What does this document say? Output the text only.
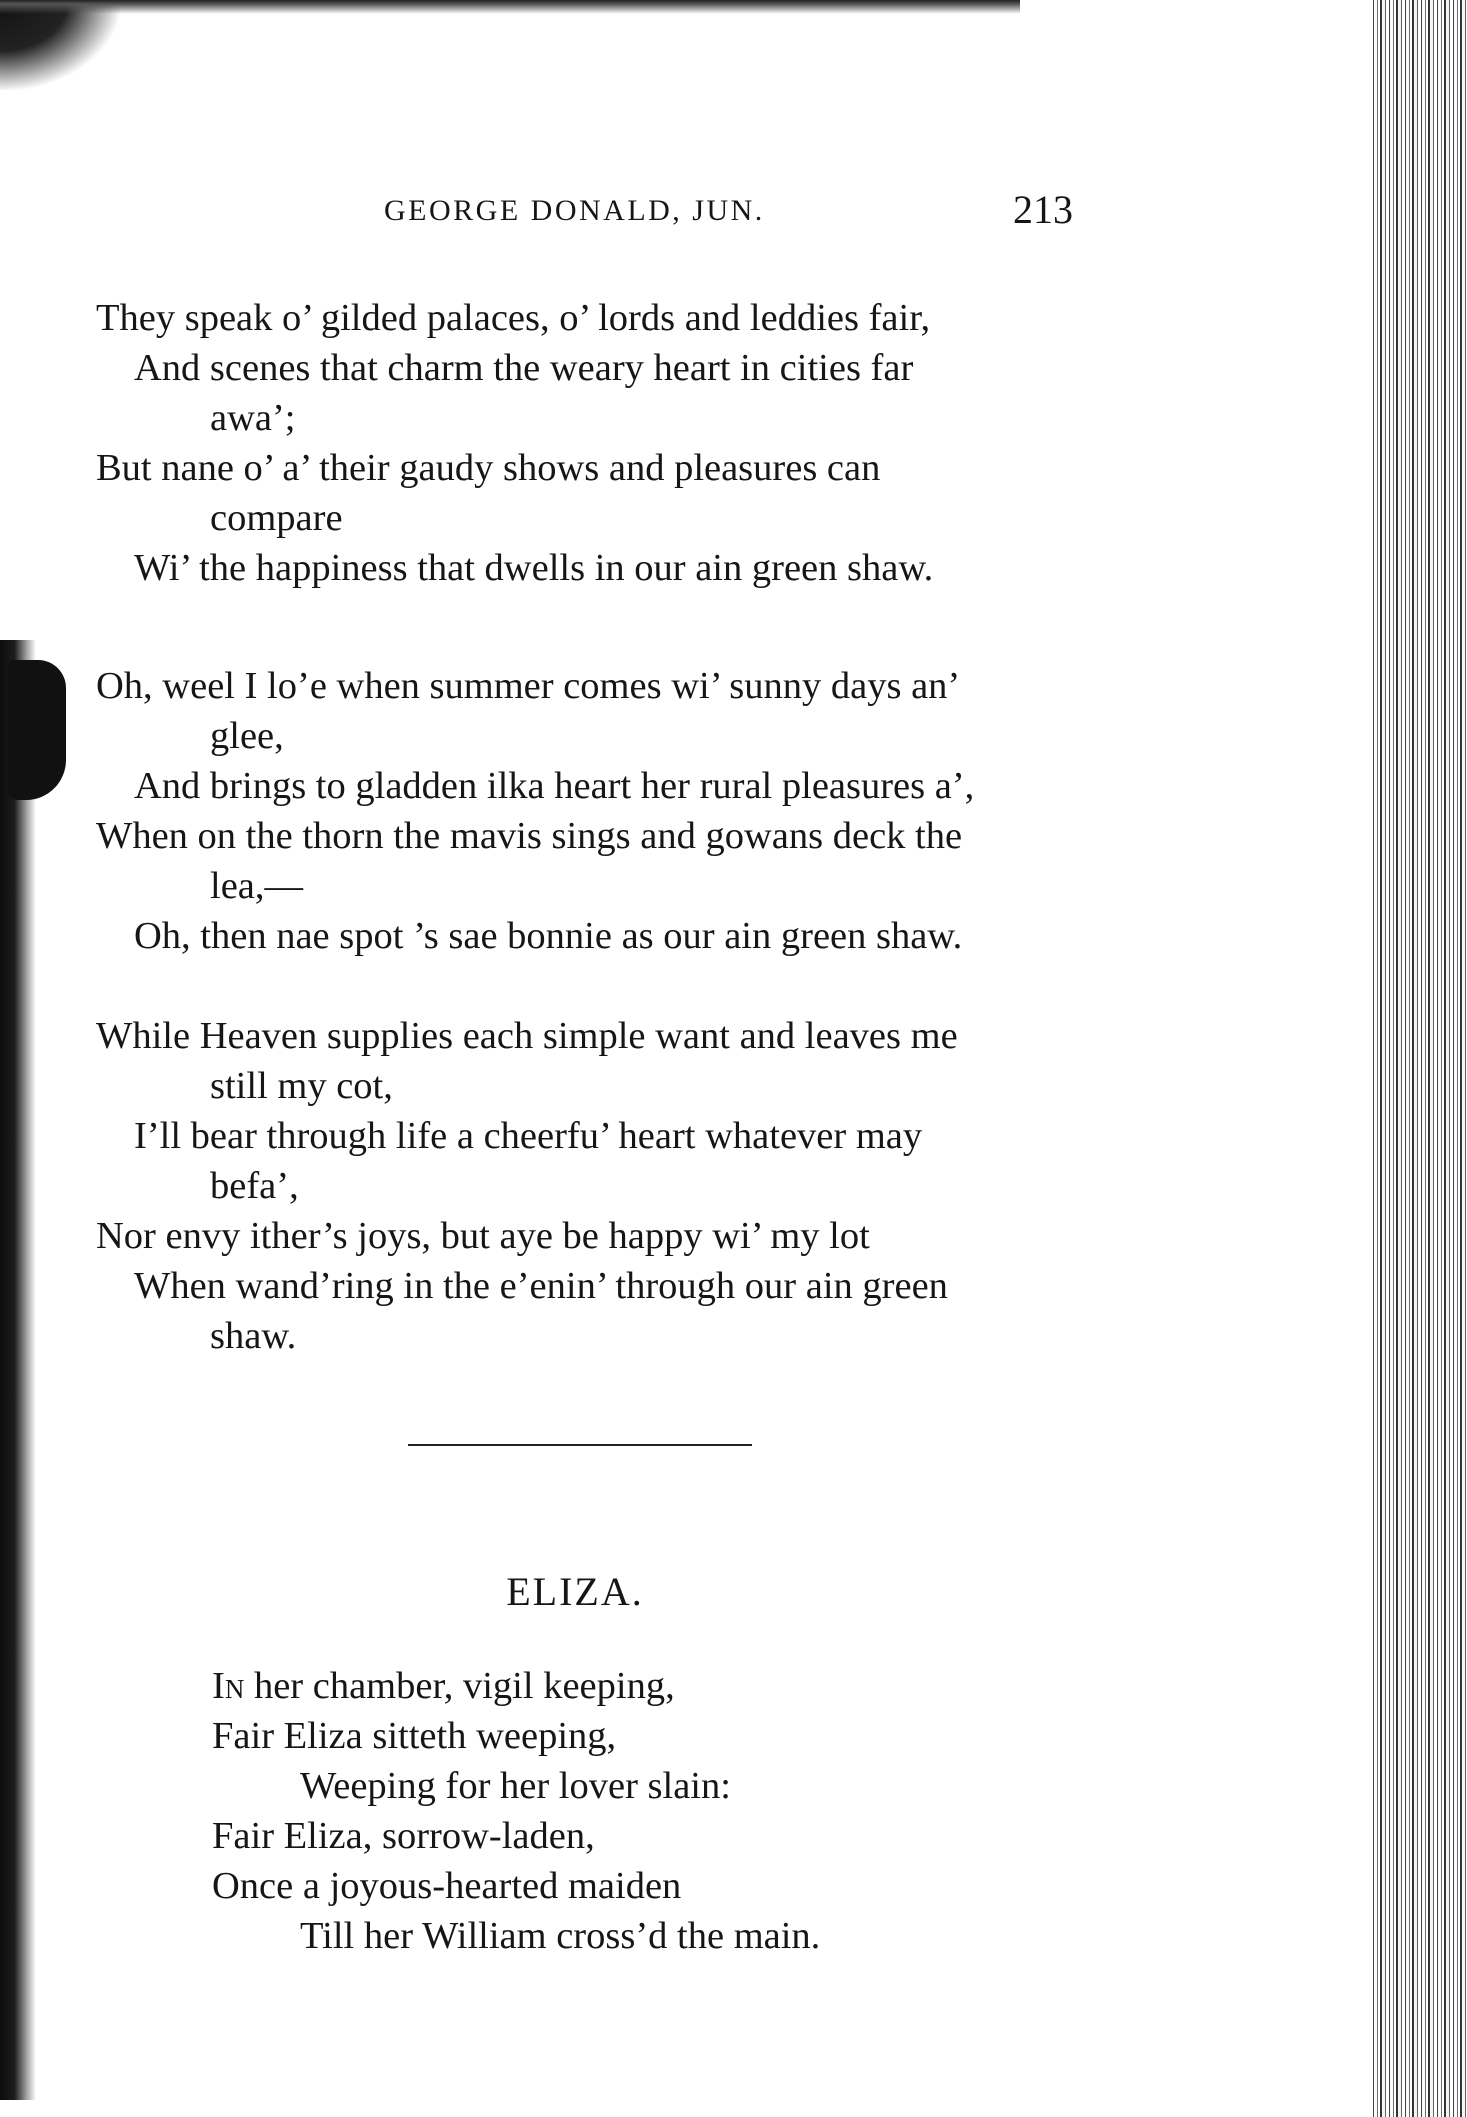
GEORGE DONALD, JUN.	213
They speak o’ gilded palaces, o’ lords and leddies fair,
And scenes that charm the weary heart in cities far
awa’;
But nane o’ a’ their gaudy shows and pleasures can
compare
Wi’ the happiness that dwells in our ain green shaw.
Oh, weel I lo’e when summer comes wi’ sunny days an’
glee,
And brings to gladden ilka heart her rural pleasures a’,
When on the thorn the mavis sings and gowans deck the
lea,—
Oh, then nae spot ’s sae bonnie as our ain green shaw.
While Heaven supplies each simple want and leaves me
still my cot,
I’ll bear through life a cheerfu’ heart whatever may
befa’,
Nor envy ither’s joys, but aye be happy wi’ my lot
When wand’ring in the e’enin’ through our ain green
shaw.
ELIZA.
In her chamber, vigil keeping,
Fair Eliza sitteth weeping,
Weeping for her lover slain:
Fair Eliza, sorrow-laden,
Once a joyous-hearted maiden
Till her William cross’d the main.
